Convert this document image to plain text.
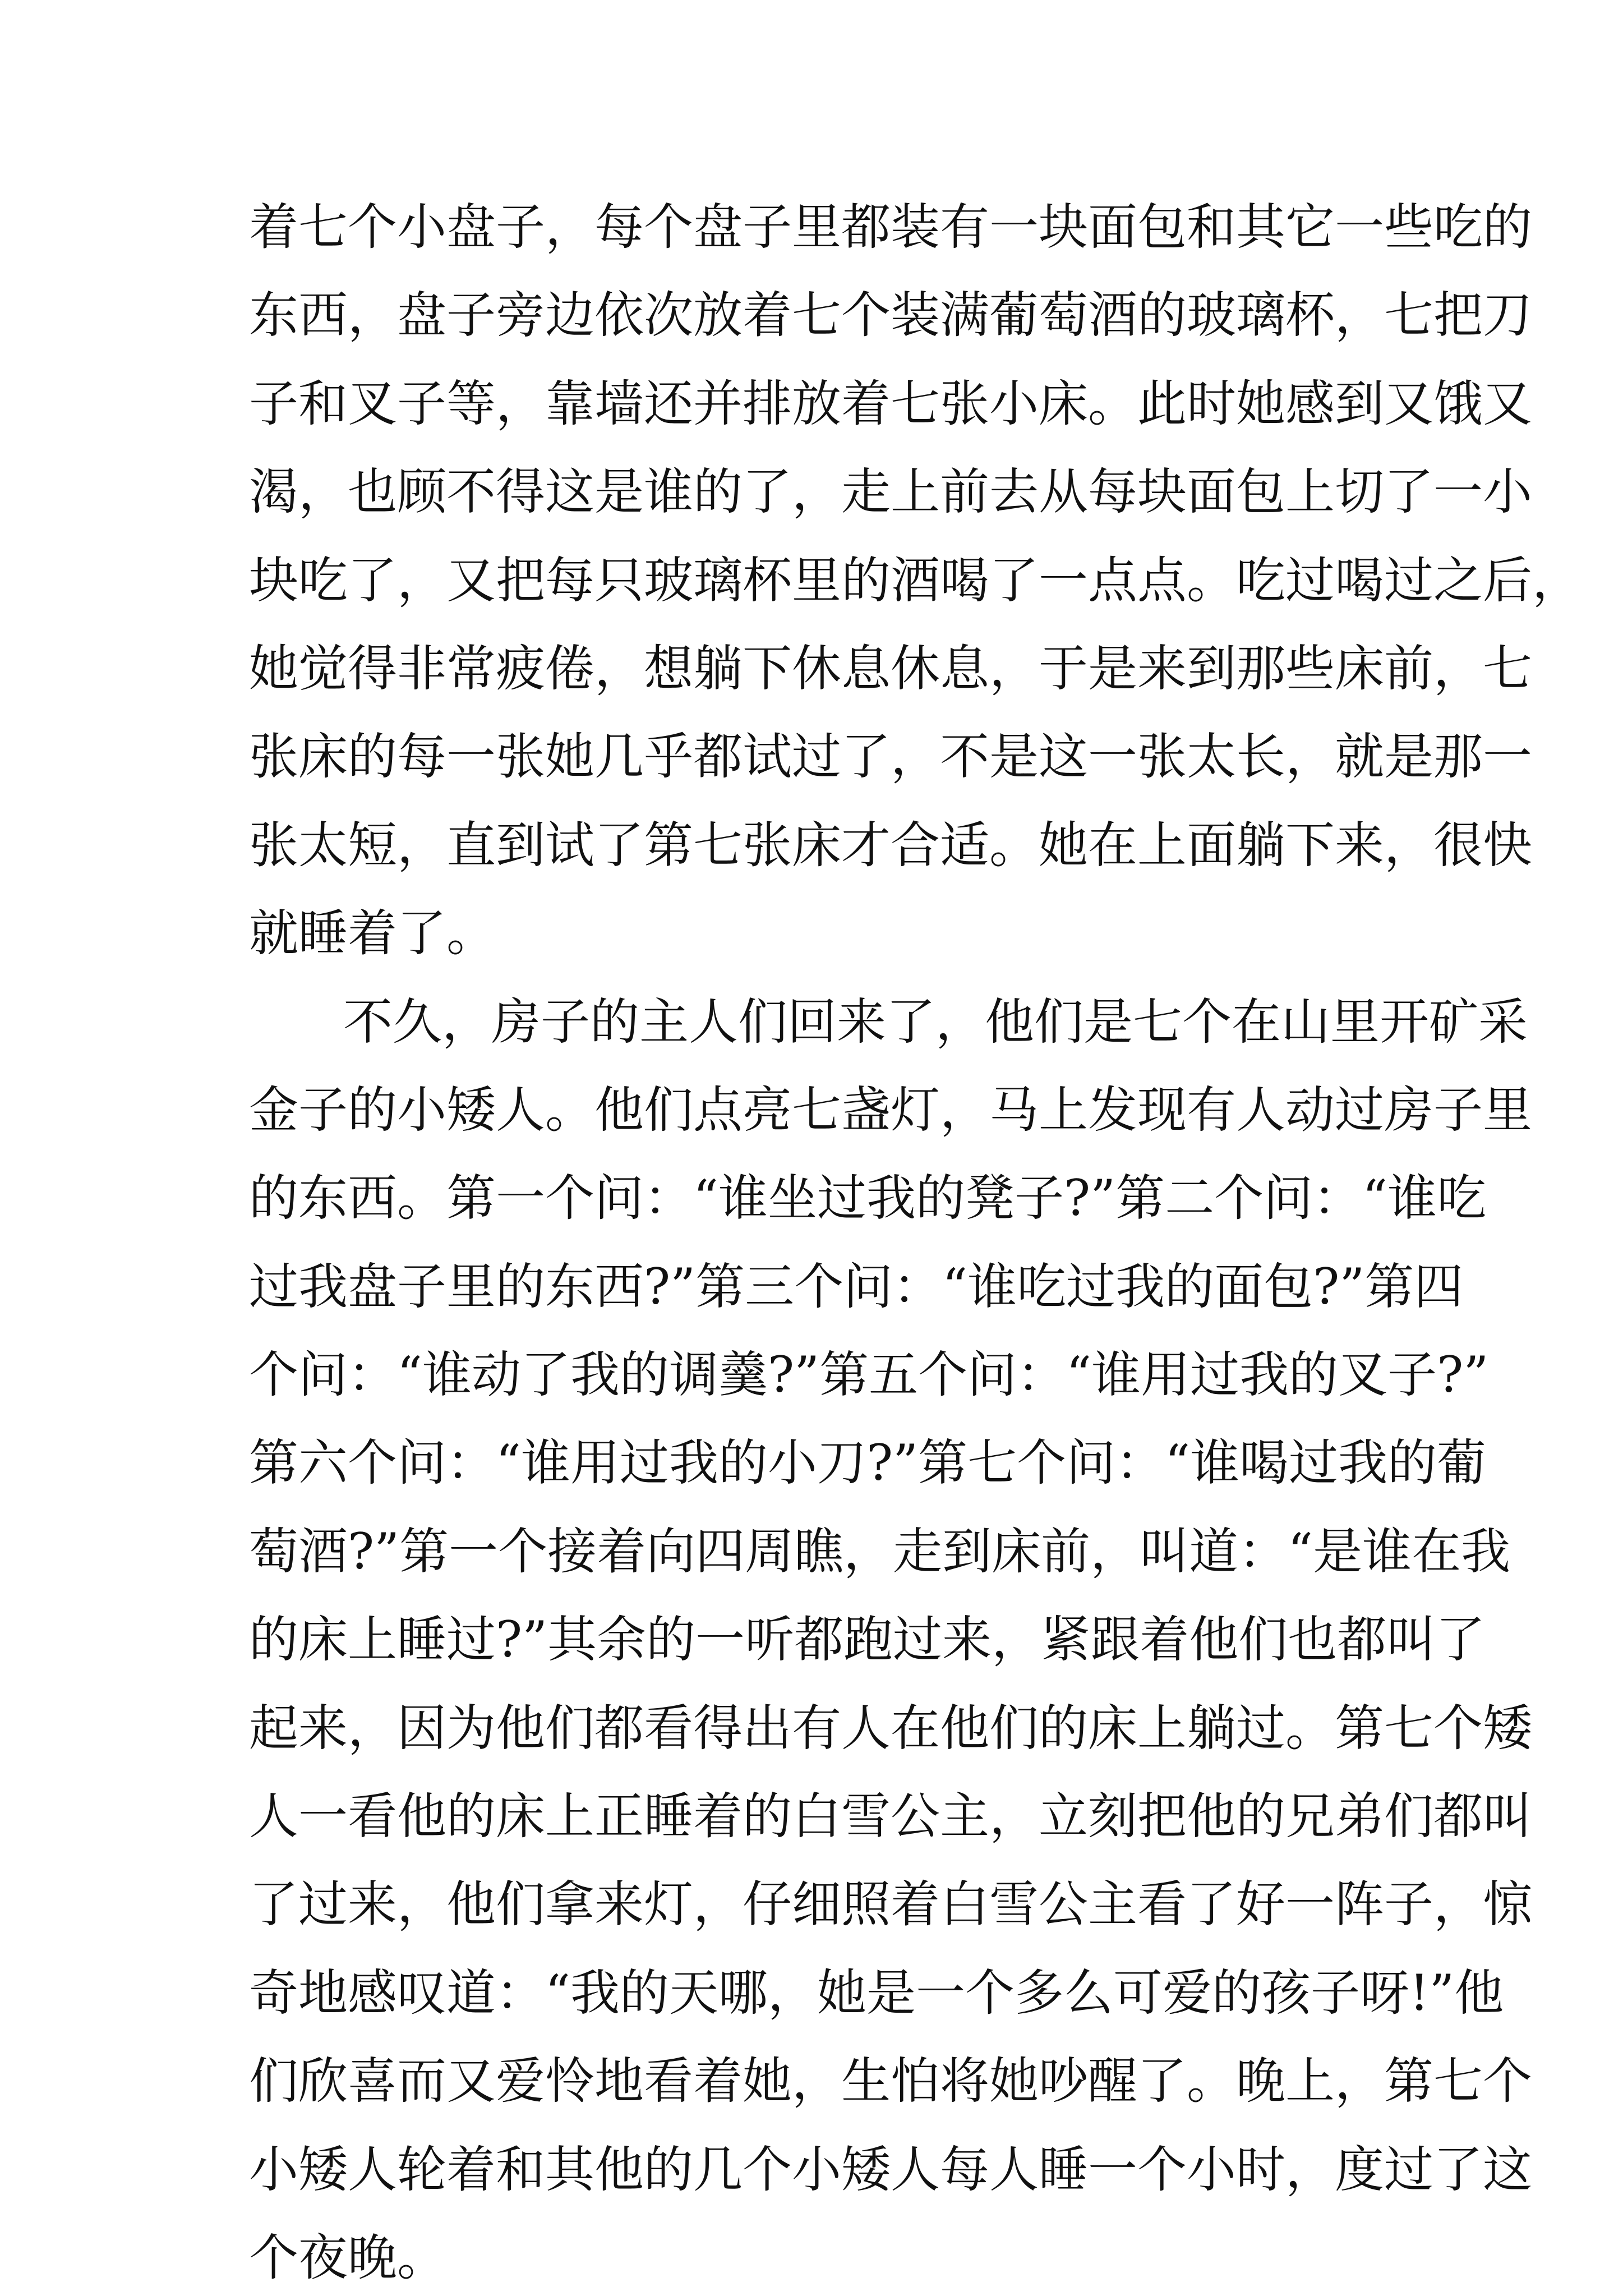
着七个小盘子，每个盘子里都装有一块面包和其它一些吃的
东西，盘子旁边依次放着七个装满葡萄酒的玻璃杯，七把刀
子和叉子等，靠墙还并排放着七张小床。此时她感到又饿又
渴，也顾不得这是谁的了，走上前去从每块面包上切了一小
块吃了，又把每只玻璃杯里的酒喝了一点点。吃过喝过之后，
她觉得非常疲倦，想躺下休息休息，于是来到那些床前，七
张床的每一张她几乎都试过了，不是这一张太长，就是那一
张太短，直到试了第七张床才合适。她在上面躺下来，很快
就睡着了。
不久，房子的主人们回来了，他们是七个在山里开矿采
金子的小矮人。他们点亮七盏灯，马上发现有人动过房子里
的东西。第一个问：“谁坐过我的凳子?”第二个问：“谁吃
过我盘子里的东西?”第三个问：“谁吃过我的面包?”第四
个问：“谁动了我的调羹?”第五个问：“谁用过我的叉子?”
第六个问：“谁用过我的小刀?”第七个问：“谁喝过我的葡
萄酒?”第一个接着向四周瞧，走到床前，叫道：“是谁在我
的床上睡过?”其余的一听都跑过来，紧跟着他们也都叫了
起来，因为他们都看得出有人在他们的床上躺过。第七个矮
人一看他的床上正睡着的白雪公主，立刻把他的兄弟们都叫
了过来，他们拿来灯，仔细照着白雪公主看了好一阵子，惊
奇地感叹道：“我的天哪，她是一个多么可爱的孩子呀!”他
们欣喜而又爱怜地看着她，生怕将她吵醒了。晚上，第七个
小矮人轮着和其他的几个小矮人每人睡一个小时，度过了这
个夜晚。
